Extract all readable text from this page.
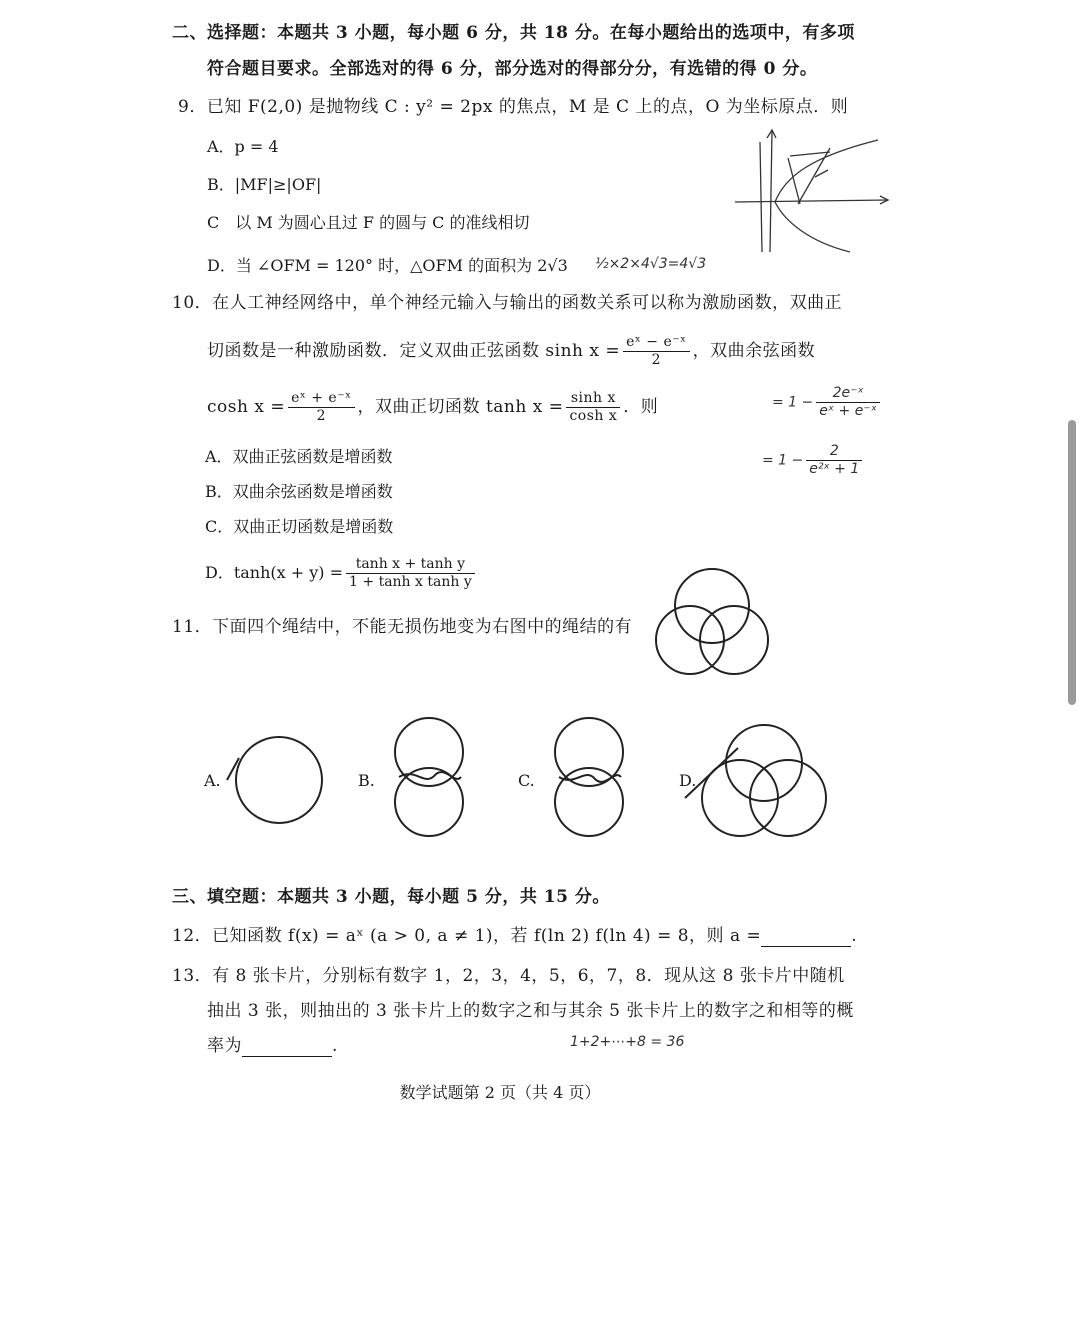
二、选择题：本题共 3 小题，每小题 6 分，共 18 分。在每小题给出的选项中，有多项
符合题目要求。全部选对的得 6 分，部分选对的得部分分，有选错的得 0 分。
9．已知 F(2,0) 是抛物线 C : y² = 2px 的焦点，M 是 C 上的点，O 为坐标原点．则
A．p = 4
B．|MF|≥|OF|
C　以 M 为圆心且过 F 的圆与 C 的准线相切
D．当 ∠OFM = 120° 时，△OFM 的面积为 2√3 ½×2×4√3=4√3
10．在人工神经网络中，单个神经元输入与输出的函数关系可以称为激励函数，双曲正
切函数是一种激励函数．定义双曲正弦函数 $\sinh x = \frac{\text{eˣ − e⁻ˣ}}{2}$ ，双曲余弦函数
$\cosh x = \frac{\text{eˣ + e⁻ˣ}}{2}$ ，双曲正切函数 $\tanh x = \frac{\text{sinh x}}{\text{cosh x}}$ ．则
A．双曲正弦函数是增函数
B．双曲余弦函数是增函数
C．双曲正切函数是增函数
D．$\tanh(x + y) = \frac{\text{tanh x + tanh y}}{\text{1 + tanh x tanh y}}$
= $1 - \frac{\text{2e⁻ˣ}}{\text{eˣ + e⁻ˣ}}$
= $1 - \frac{2}{\text{e²ˣ + 1}}$
11．下面四个绳结中，不能无损伤地变为右图中的绳结的有
A.	B.	C.	D.
三、填空题：本题共 3 小题，每小题 5 分，共 15 分。
12．已知函数 f(x) = aˣ (a > 0, a ≠ 1)，若 f(ln 2) f(ln 4) = 8，则 a =	.
13．有 8 张卡片，分别标有数字 1，2，3，4，5，6，7，8．现从这 8 张卡片中随机
抽出 3 张，则抽出的 3 张卡片上的数字之和与其余 5 张卡片上的数字之和相等的概
率为	.	1+2+⋯+8 = 36
数学试题第 2 页（共 4 页）
